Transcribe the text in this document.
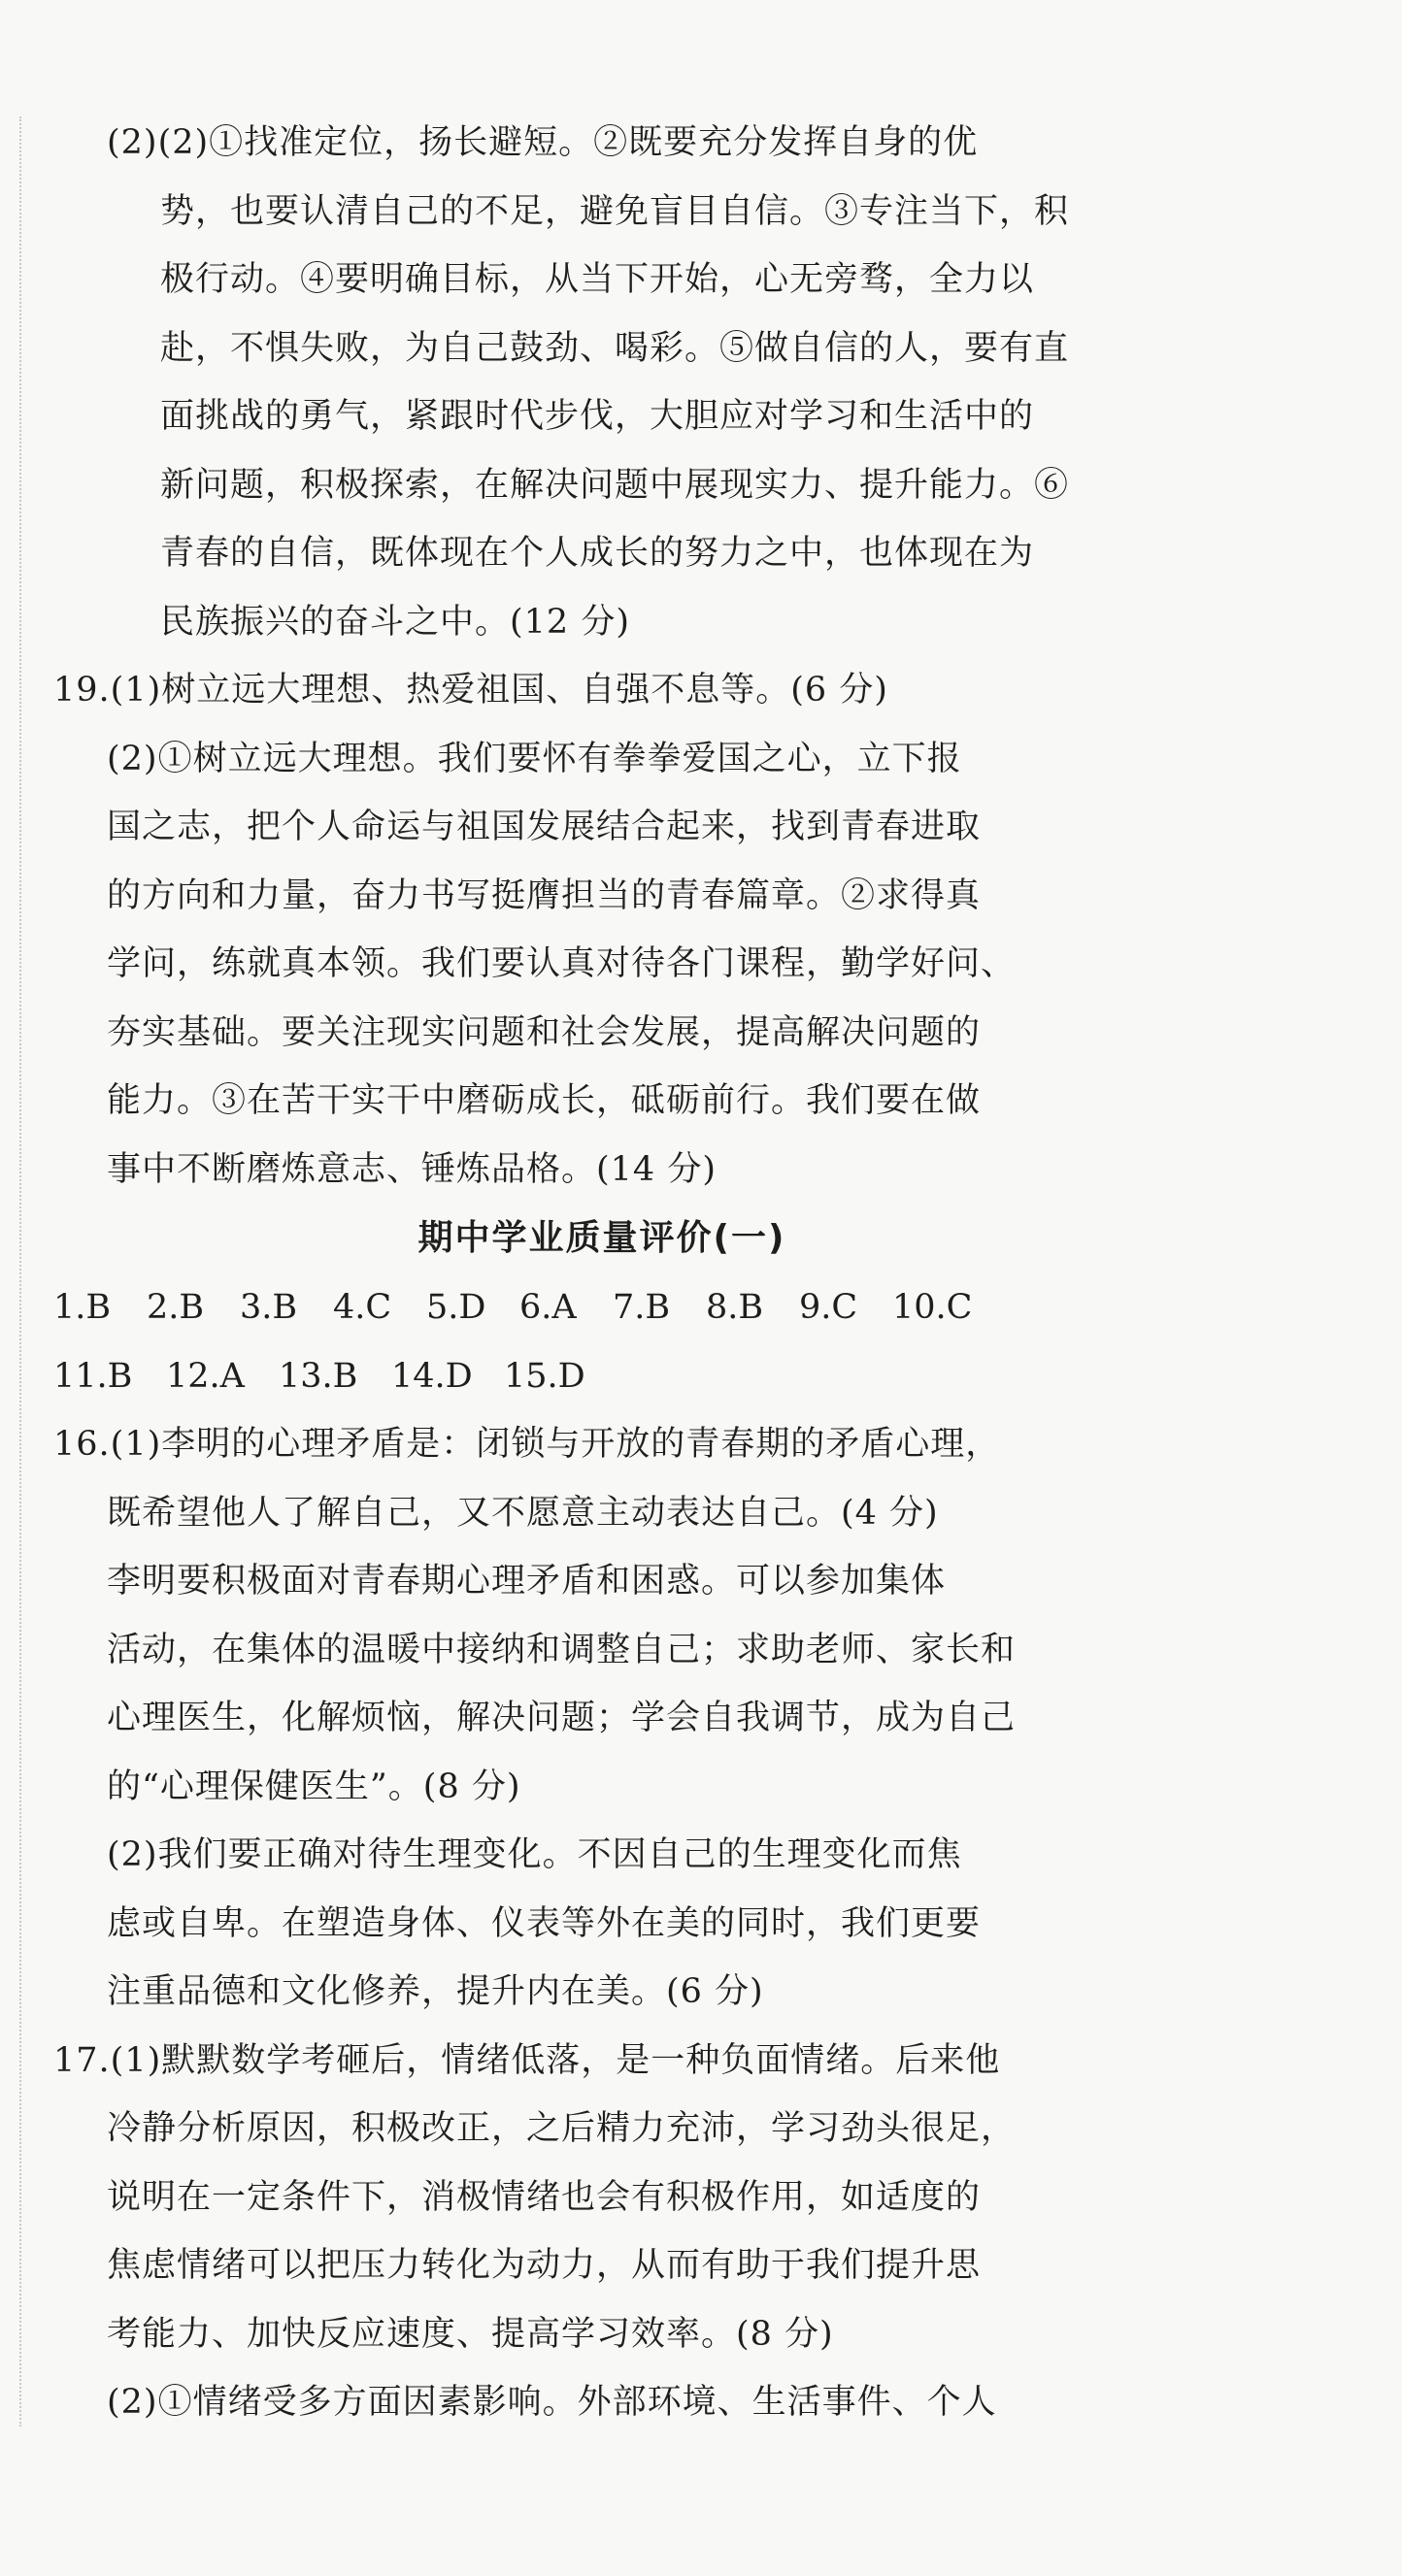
(2)(2)①找准定位，扬长避短。②既要充分发挥自身的优
势，也要认清自己的不足，避免盲目自信。③专注当下，积
极行动。④要明确目标，从当下开始，心无旁骛，全力以
赴，不惧失败，为自己鼓劲、喝彩。⑤做自信的人，要有直
面挑战的勇气，紧跟时代步伐，大胆应对学习和生活中的
新问题，积极探索，在解决问题中展现实力、提升能力。⑥
青春的自信，既体现在个人成长的努力之中，也体现在为
民族振兴的奋斗之中。(12 分)
19.(1)树立远大理想、热爱祖国、自强不息等。(6 分)
(2)①树立远大理想。我们要怀有拳拳爱国之心，立下报
国之志，把个人命运与祖国发展结合起来，找到青春进取
的方向和力量，奋力书写挺膺担当的青春篇章。②求得真
学问，练就真本领。我们要认真对待各门课程，勤学好问、
夯实基础。要关注现实问题和社会发展，提高解决问题的
能力。③在苦干实干中磨砺成长，砥砺前行。我们要在做
事中不断磨炼意志、锤炼品格。(14 分)
期中学业质量评价(一)
1.B	2.B	3.B	4.C	5.D 6.A	7.B	8.B	9.C	10.C
11.B 12.A	13.B 14.D 15.D
16.(1)李明的心理矛盾是：闭锁与开放的青春期的矛盾心理，
既希望他人了解自己，又不愿意主动表达自己。(4 分)
李明要积极面对青春期心理矛盾和困惑。可以参加集体
活动，在集体的温暖中接纳和调整自己；求助老师、家长和
心理医生，化解烦恼，解决问题；学会自我调节，成为自己
的“心理保健医生”。(8 分)
(2)我们要正确对待生理变化。不因自己的生理变化而焦
虑或自卑。在塑造身体、仪表等外在美的同时，我们更要
注重品德和文化修养，提升内在美。(6 分)
17.(1)默默数学考砸后，情绪低落，是一种负面情绪。后来他
冷静分析原因，积极改正，之后精力充沛，学习劲头很足，
说明在一定条件下，消极情绪也会有积极作用，如适度的
焦虑情绪可以把压力转化为动力，从而有助于我们提升思
考能力、加快反应速度、提高学习效率。(8 分)
(2)①情绪受多方面因素影响。外部环境、生活事件、个人
